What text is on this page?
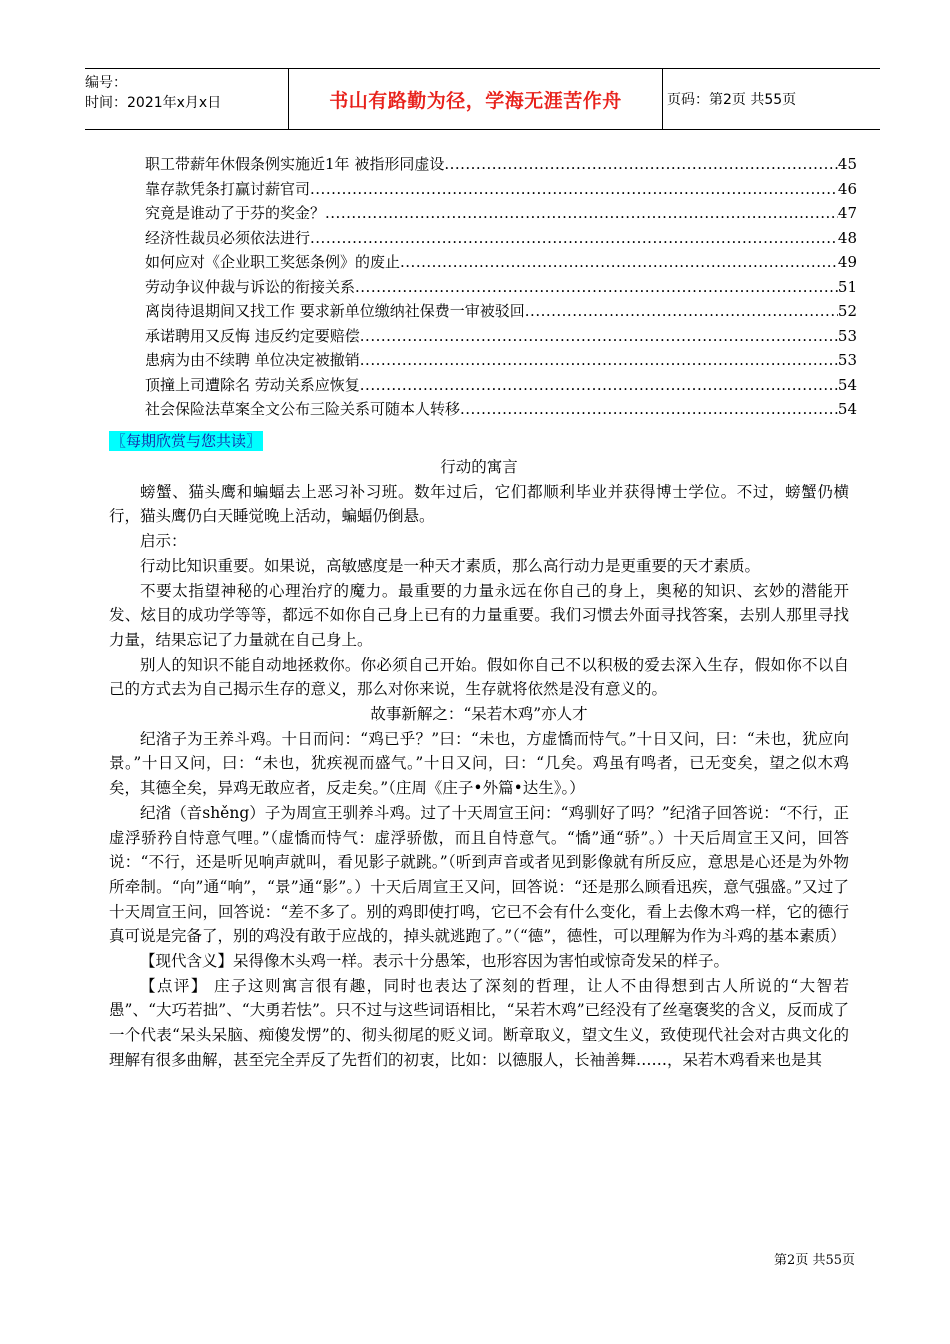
编号：
时间：2021年x月x日	书山有路勤为径，学海无涯苦作舟	页码：第2页 共55页
职工带薪年休假条例实施近1年 被指形同虚设 .....	45
靠存款凭条打赢讨薪官司 .....	46
究竟是谁动了于芬的奖金？ .....	47
经济性裁员必须依法进行 .....	48
如何应对《企业职工奖惩条例》的废止 .....	49
劳动争议仲裁与诉讼的衔接关系 .....	51
离岗待退期间又找工作 要求新单位缴纳社保费一审被驳回 .....	52
承诺聘用又反悔 违反约定要赔偿 .....	53
患病为由不续聘 单位决定被撤销 .....	53
顶撞上司遭除名 劳动关系应恢复 .....	54
社会保险法草案全文公布三险关系可随本人转移 .....	54
〖每期欣赏与您共读〗
行动的寓言

螃蟹、猫头鹰和蝙蝠去上恶习补习班。数年过后，它们都顺利毕业并获得博士学位。不过，螃蟹仍横行，猫头鹰仍白天睡觉晚上活动，蝙蝠仍倒悬。

启示：

行动比知识重要。如果说，高敏感度是一种天才素质，那么高行动力是更重要的天才素质。

不要太指望神秘的心理治疗的魔力。最重要的力量永远在你自己的身上，奥秘的知识、玄妙的潜能开发、炫目的成功学等等，都远不如你自己身上已有的力量重要。我们习惯去外面寻找答案，去别人那里寻找力量，结果忘记了力量就在自己身上。

别人的知识不能自动地拯救你。你必须自己开始。假如你自己不以积极的爱去深入生存，假如你不以自己的方式去为自己揭示生存的意义，那么对你来说，生存就将依然是没有意义的。

故事新解之：“呆若木鸡”亦人才

纪渻子为王养斗鸡。十日而问：“鸡已乎？”曰：“未也，方虚憍而恃气。”十日又问，曰：“未也，犹应向景。”十日又问，曰：“未也，犹疾视而盛气。”十日又问，曰：“几矣。鸡虽有鸣者，已无变矣，望之似木鸡矣，其德全矣，异鸡无敢应者，反走矣。”（庄周《庄子•外篇•达生》。）

纪渻（音shěng）子为周宣王驯养斗鸡。过了十天周宣王问：“鸡驯好了吗？”纪渻子回答说：“不行，正虚浮骄矜自恃意气哩。”（虚憍而恃气：虚浮骄傲，而且自恃意气。“憍”通“骄”。）十天后周宣王又问，回答说：“不行，还是听见响声就叫，看见影子就跳。”（听到声音或者见到影像就有所反应，意思是心还是为外物所牵制。“向”通“响”，“景”通“影”。）十天后周宣王又问，回答说：“还是那么顾看迅疾，意气强盛。”又过了十天周宣王问，回答说：“差不多了。别的鸡即使打鸣，它已不会有什么变化，看上去像木鸡一样，它的德行真可说是完备了，别的鸡没有敢于应战的，掉头就逃跑了。”（“德”，德性，可以理解为作为斗鸡的基本素质）

【现代含义】呆得像木头鸡一样。表示十分愚笨，也形容因为害怕或惊奇发呆的样子。

【点评】 庄子这则寓言很有趣，同时也表达了深刻的哲理，让人不由得想到古人所说的“大智若愚”、“大巧若拙”、“大勇若怯”。只不过与这些词语相比，“呆若木鸡”已经没有了丝毫褒奖的含义，反而成了一个代表“呆头呆脑、痴傻发愣”的、彻头彻尾的贬义词。断章取义，望文生义，致使现代社会对古典文化的理解有很多曲解，甚至完全弄反了先哲们的初衷，比如：以德服人，长袖善舞……，呆若木鸡看来也是其

第2页 共55页
